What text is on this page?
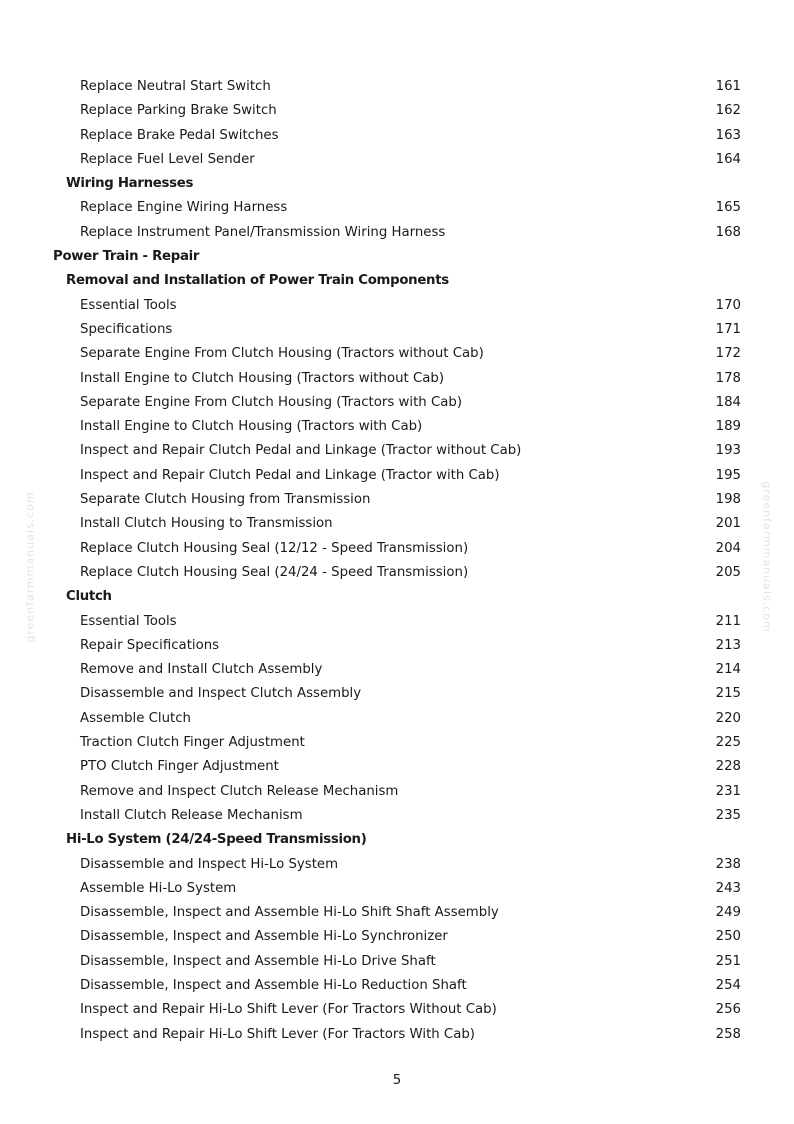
greenfarmmanuals.com	greenfarmmanuals.com
Replace Neutral Start Switch	161
Replace Parking Brake Switch	162
Replace Brake Pedal Switches	163
Replace Fuel Level Sender	164
Wiring Harnesses
Replace Engine Wiring Harness	165
Replace Instrument Panel/Transmission Wiring Harness	168
Power Train - Repair
Removal and Installation of Power Train Components
Essential Tools	170
Specifications	171
Separate Engine From Clutch Housing (Tractors without Cab)	172
Install Engine to Clutch Housing (Tractors without Cab)	178
Separate Engine From Clutch Housing (Tractors with Cab)	184
Install Engine to Clutch Housing (Tractors with Cab)	189
Inspect and Repair Clutch Pedal and Linkage (Tractor without Cab)	193
Inspect and Repair Clutch Pedal and Linkage (Tractor with Cab)	195
Separate Clutch Housing from Transmission	198
Install Clutch Housing to Transmission	201
Replace Clutch Housing Seal (12/12 - Speed Transmission)	204
Replace Clutch Housing Seal (24/24 - Speed Transmission)	205
Clutch
Essential Tools	211
Repair Specifications	213
Remove and Install Clutch Assembly	214
Disassemble and Inspect Clutch Assembly	215
Assemble Clutch	220
Traction Clutch Finger Adjustment	225
PTO Clutch Finger Adjustment	228
Remove and Inspect Clutch Release Mechanism	231
Install Clutch Release Mechanism	235
Hi-Lo System (24/24-Speed Transmission)
Disassemble and Inspect Hi-Lo System	238
Assemble Hi-Lo System	243
Disassemble, Inspect and Assemble Hi-Lo Shift Shaft Assembly	249
Disassemble, Inspect and Assemble Hi-Lo Synchronizer	250
Disassemble, Inspect and Assemble Hi-Lo Drive Shaft	251
Disassemble, Inspect and Assemble Hi-Lo Reduction Shaft	254
Inspect and Repair Hi-Lo Shift Lever (For Tractors Without Cab)	256
Inspect and Repair Hi-Lo Shift Lever (For Tractors With Cab)	258
5
